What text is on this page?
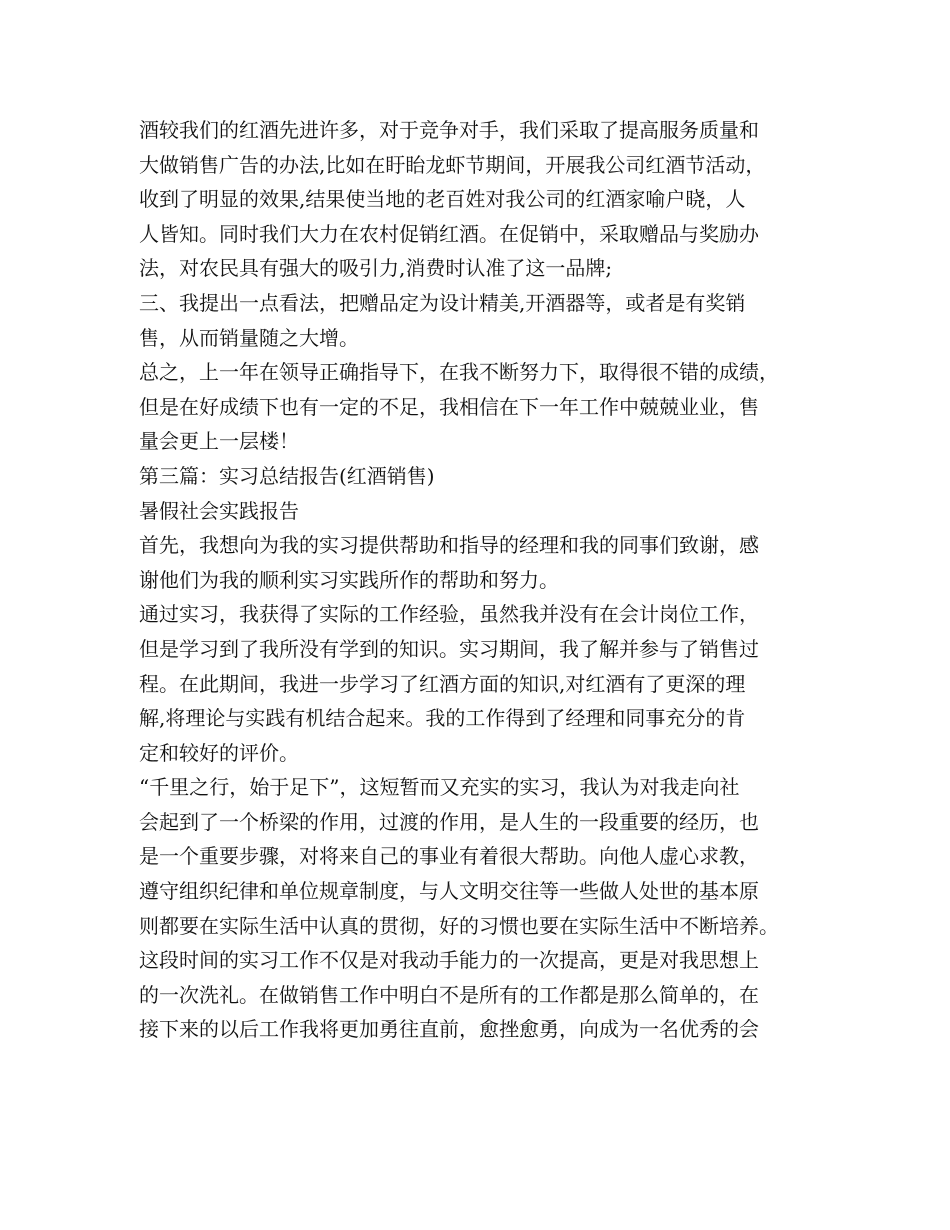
酒较我们的红酒先进许多，对于竞争对手，我们采取了提高服务质量和
大做销售广告的办法,比如在盱眙龙虾节期间，开展我公司红酒节活动，
收到了明显的效果,结果使当地的老百姓对我公司的红酒家喻户晓，人
人皆知。同时我们大力在农村促销红酒。在促销中，采取赠品与奖励办
法，对农民具有强大的吸引力,消费时认准了这一品牌;
三、我提出一点看法，把赠品定为设计精美,开酒器等，或者是有奖销
售，从而销量随之大增。
总之，上一年在领导正确指导下，在我不断努力下，取得很不错的成绩，
但是在好成绩下也有一定的不足，我相信在下一年工作中兢兢业业，售
量会更上一层楼！
第三篇：实习总结报告(红酒销售)
暑假社会实践报告
首先，我想向为我的实习提供帮助和指导的经理和我的同事们致谢，感
谢他们为我的顺利实习实践所作的帮助和努力。
通过实习，我获得了实际的工作经验，虽然我并没有在会计岗位工作，
但是学习到了我所没有学到的知识。实习期间，我了解并参与了销售过
程。在此期间，我进一步学习了红酒方面的知识,对红酒有了更深的理
解,将理论与实践有机结合起来。我的工作得到了经理和同事充分的肯
定和较好的评价。
“千里之行，始于足下”，这短暂而又充实的实习，我认为对我走向社
会起到了一个桥梁的作用，过渡的作用，是人生的一段重要的经历，也
是一个重要步骤，对将来自己的事业有着很大帮助。向他人虚心求教，
遵守组织纪律和单位规章制度，与人文明交往等一些做人处世的基本原
则都要在实际生活中认真的贯彻，好的习惯也要在实际生活中不断培养。
这段时间的实习工作不仅是对我动手能力的一次提高，更是对我思想上
的一次洗礼。在做销售工作中明白不是所有的工作都是那么简单的，在
接下来的以后工作我将更加勇往直前，愈挫愈勇，向成为一名优秀的会
